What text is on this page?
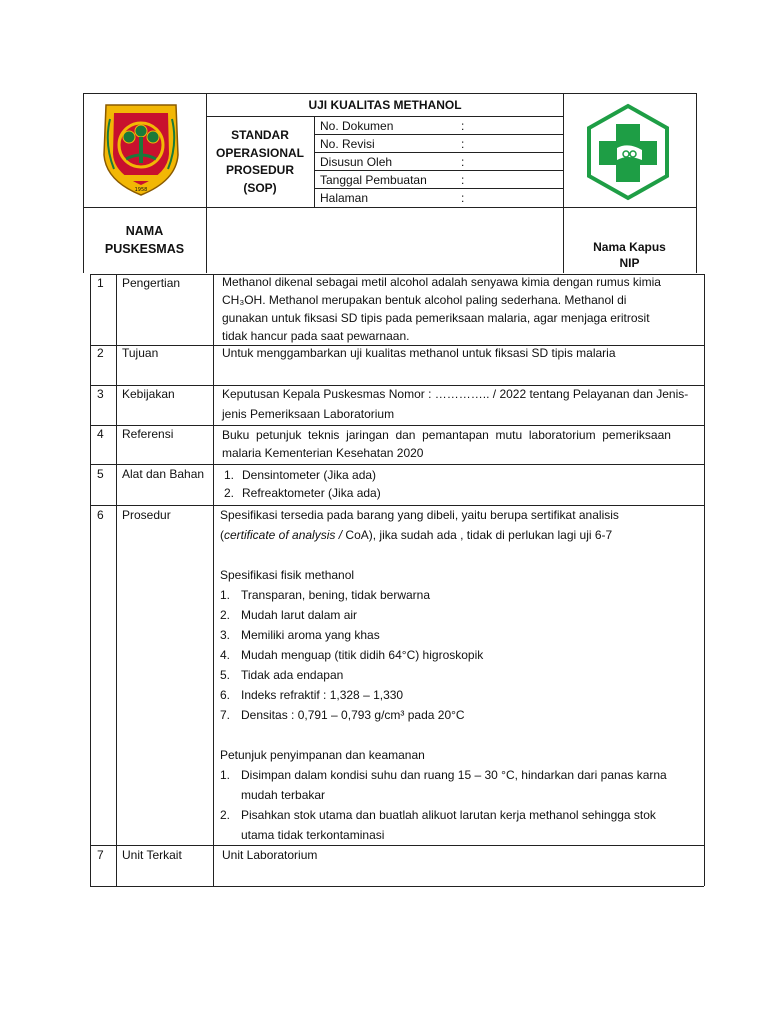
1958
UJI KUALITAS METHANOL
STANDAR
OPERASIONAL
PROSEDUR
(SOP)
No. Dokumen	:
No. Revisi	:
Disusun Oleh	:
Tanggal Pembuatan	:
Halaman	:
NAMA
PUSKESMAS	Nama Kapus
NIP
1 Pengertian	Methanol dikenal sebagai metil alcohol adalah senyawa kimia dengan rumus kimia
CH₃OH. Methanol merupakan bentuk alcohol paling sederhana. Methanol di
gunakan untuk fiksasi SD tipis pada pemeriksaan malaria, agar menjaga eritrosit
tidak hancur pada saat pewarnaan.
2 Tujuan	Untuk menggambarkan uji kualitas methanol untuk fiksasi SD tipis malaria
3 Kebijakan	Keputusan Kepala Puskesmas Nomor : ………….. / 2022 tentang Pelayanan dan Jenis-
jenis Pemeriksaan Laboratorium
4 Referensi	Buku  petunjuk  teknis  jaringan  dan  pemantapan  mutu  laboratorium  pemeriksaan
malaria Kementerian Kesehatan 2020
5 Alat dan Bahan 1. Densintometer (Jika ada)
2. Refreaktometer (Jika ada)
6 Prosedur	Spesifikasi tersedia pada barang yang dibeli, yaitu berupa sertifikat analisis
(certificate of analysis / CoA), jika sudah ada , tidak di perlukan lagi uji 6-7
Spesifikasi fisik methanol
1. Transparan, bening, tidak berwarna
2. Mudah larut dalam air
3. Memiliki aroma yang khas
4. Mudah menguap (titik didih 64°C) higroskopik
5. Tidak ada endapan
6. Indeks refraktif : 1,328 – 1,330
7. Densitas : 0,791 – 0,793 g/cm³ pada 20°C
Petunjuk penyimpanan dan keamanan
1. Disimpan dalam kondisi suhu dan ruang 15 – 30 °C, hindarkan dari panas karna
mudah terbakar
2. Pisahkan stok utama dan buatlah alikuot larutan kerja methanol sehingga stok
utama tidak terkontaminasi
7 Unit Terkait	Unit Laboratorium
